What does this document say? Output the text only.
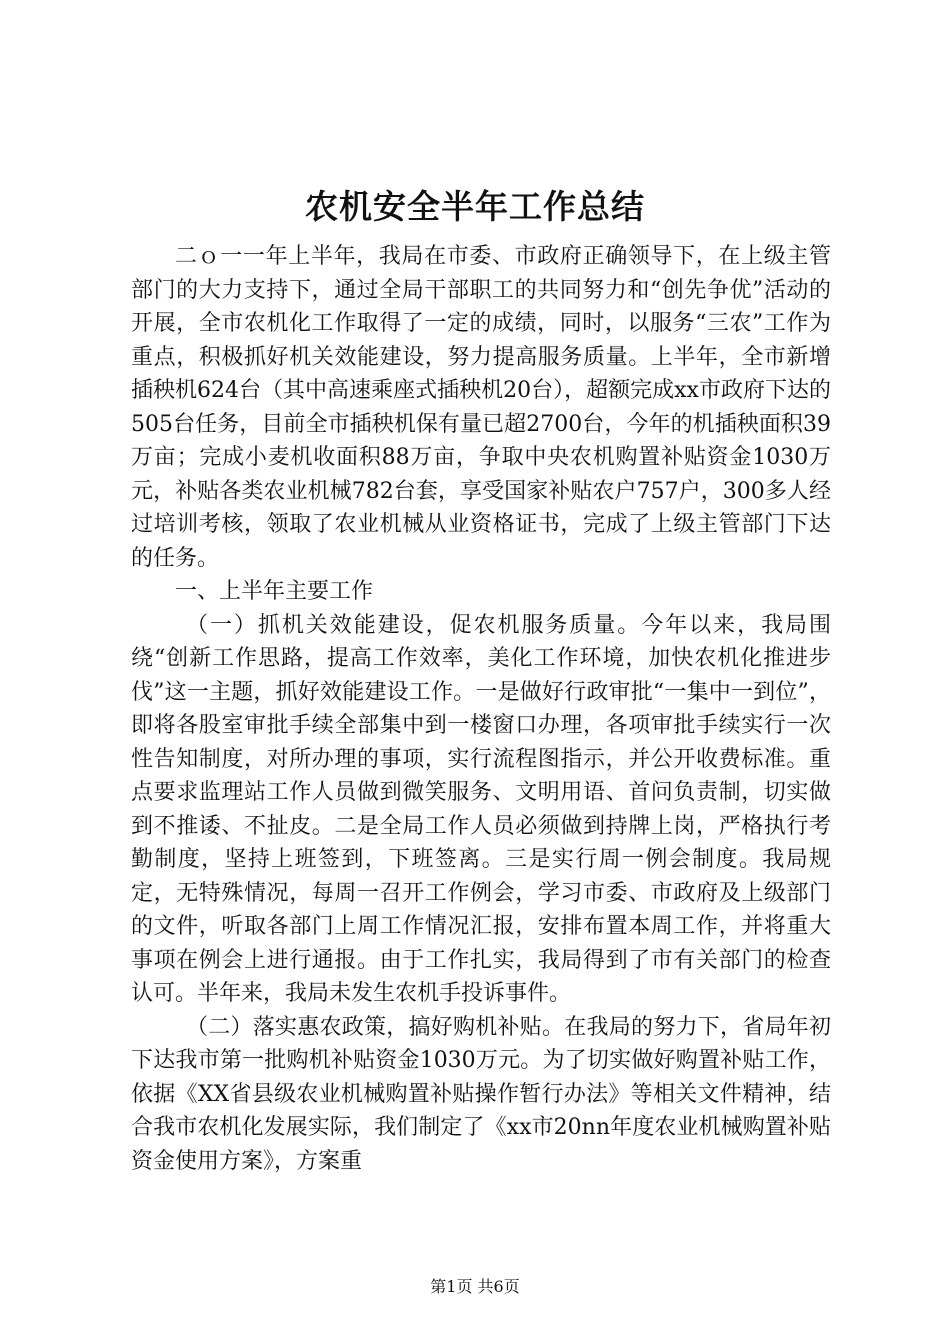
农机安全半年工作总结

二ｏ一一年上半年，我局在市委、市政府正确领导下，在上级主管部门的大力支持下，通过全局干部职工的共同努力和“创先争优”活动的开展，全市农机化工作取得了一定的成绩，同时，以服务“三农”工作为重点，积极抓好机关效能建设，努力提高服务质量。上半年，全市新增插秧机624台（其中高速乘座式插秧机20台），超额完成xx市政府下达的505台任务，目前全市插秧机保有量已超2700台，今年的机插秧面积39万亩；完成小麦机收面积88万亩，争取中央农机购置补贴资金1030万元，补贴各类农业机械782台套，享受国家补贴农户757户，300多人经过培训考核，领取了农业机械从业资格证书，完成了上级主管部门下达的任务。

一、上半年主要工作

（一）抓机关效能建设，促农机服务质量。今年以来，我局围绕“创新工作思路，提高工作效率，美化工作环境，加快农机化推进步伐”这一主题，抓好效能建设工作。一是做好行政审批“一集中一到位”，即将各股室审批手续全部集中到一楼窗口办理，各项审批手续实行一次性告知制度，对所办理的事项，实行流程图指示，并公开收费标准。重点要求监理站工作人员做到微笑服务、文明用语、首问负责制，切实做到不推诿、不扯皮。二是全局工作人员必须做到持牌上岗，严格执行考勤制度，坚持上班签到，下班签离。三是实行周一例会制度。我局规定，无特殊情况，每周一召开工作例会，学习市委、市政府及上级部门的文件，听取各部门上周工作情况汇报，安排布置本周工作，并将重大事项在例会上进行通报。由于工作扎实，我局得到了市有关部门的检查认可。半年来，我局未发生农机手投诉事件。

（二）落实惠农政策，搞好购机补贴。在我局的努力下，省局年初下达我市第一批购机补贴资金1030万元。为了切实做好购置补贴工作，依据《XX省县级农业机械购置补贴操作暂行办法》等相关文件精神，结合我市农机化发展实际，我们制定了《xx市20nn年度农业机械购置补贴资金使用方案》，方案重

第1页 共6页
